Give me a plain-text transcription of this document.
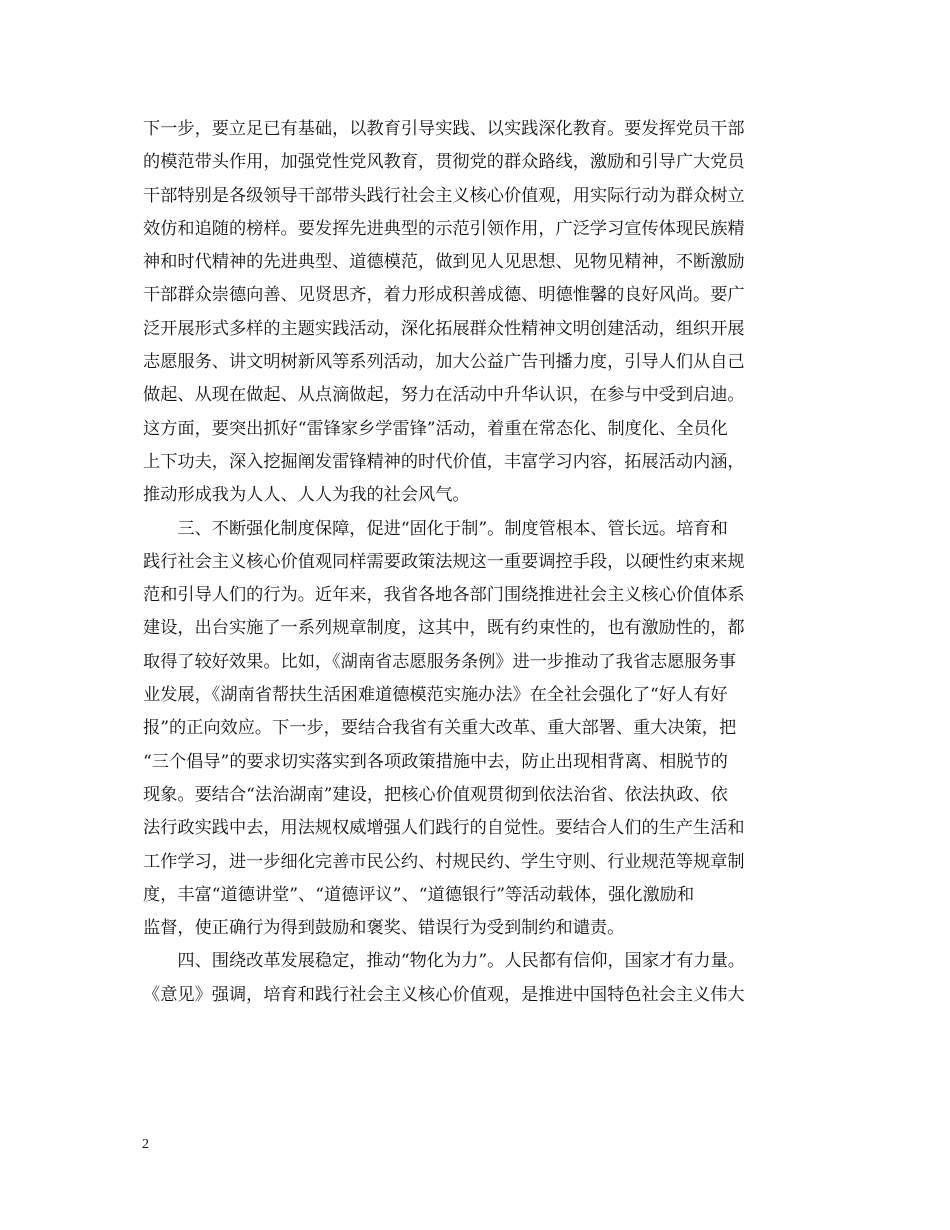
下一步，要立足已有基础，以教育引导实践、以实践深化教育。要发挥党员干部
的模范带头作用，加强党性党风教育，贯彻党的群众路线，激励和引导广大党员
干部特别是各级领导干部带头践行社会主义核心价值观，用实际行动为群众树立
效仿和追随的榜样。要发挥先进典型的示范引领作用，广泛学习宣传体现民族精
神和时代精神的先进典型、道德模范，做到见人见思想、见物见精神，不断激励
干部群众崇德向善、见贤思齐，着力形成积善成德、明德惟馨的良好风尚。要广
泛开展形式多样的主题实践活动，深化拓展群众性精神文明创建活动，组织开展
志愿服务、讲文明树新风等系列活动，加大公益广告刊播力度，引导人们从自己
做起、从现在做起、从点滴做起，努力在活动中升华认识，在参与中受到启迪。
这方面，要突出抓好“雷锋家乡学雷锋”活动，着重在常态化、制度化、全员化
上下功夫，深入挖掘阐发雷锋精神的时代价值，丰富学习内容，拓展活动内涵，
推动形成我为人人、人人为我的社会风气。
　　三、不断强化制度保障，促进“固化于制”。制度管根本、管长远。培育和
践行社会主义核心价值观同样需要政策法规这一重要调控手段，以硬性约束来规
范和引导人们的行为。近年来，我省各地各部门围绕推进社会主义核心价值体系
建设，出台实施了一系列规章制度，这其中，既有约束性的，也有激励性的，都
取得了较好效果。比如，《湖南省志愿服务条例》进一步推动了我省志愿服务事
业发展，《湖南省帮扶生活困难道德模范实施办法》在全社会强化了“好人有好
报”的正向效应。下一步，要结合我省有关重大改革、重大部署、重大决策，把
“三个倡导”的要求切实落实到各项政策措施中去，防止出现相背离、相脱节的
现象。要结合“法治湖南”建设，把核心价值观贯彻到依法治省、依法执政、依
法行政实践中去，用法规权威增强人们践行的自觉性。要结合人们的生产生活和
工作学习，进一步细化完善市民公约、村规民约、学生守则、行业规范等规章制
度，丰富“道德讲堂”、“道德评议”、“道德银行”等活动载体，强化激励和
监督，使正确行为得到鼓励和褒奖、错误行为受到制约和谴责。
　　四、围绕改革发展稳定，推动“物化为力”。人民都有信仰，国家才有力量。
《意见》强调，培育和践行社会主义核心价值观，是推进中国特色社会主义伟大
2
